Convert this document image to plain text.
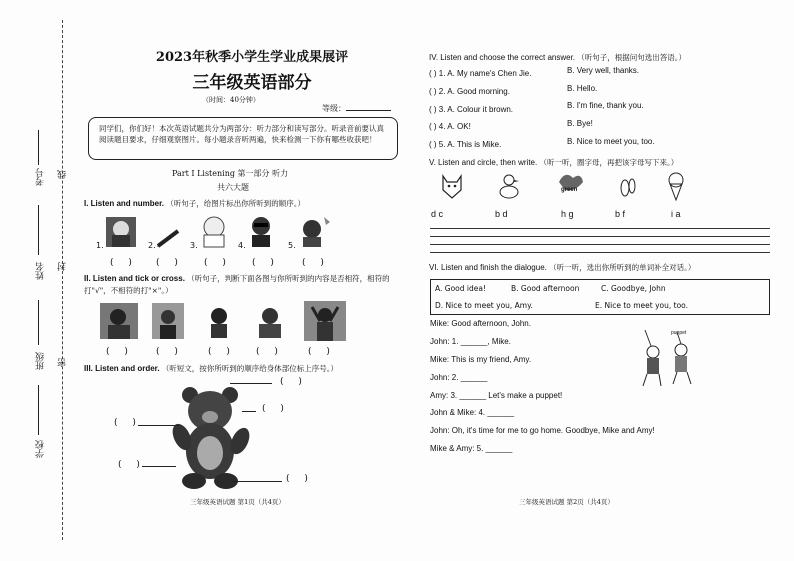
考号 线
姓名 封
班级 密
学校
2023年秋季小学生学业成果展评
三年级英语部分
（时间：40分钟）
等级：
同学们，你们好！本次英语试题共分为两部分：听力部分和读写部分。听录音前要认真阅读题目要求，仔细观察图片。每小题录音听两遍，快来检测一下你有哪些收获吧！
Part Ⅰ Listening 第一部分 听力
共六大题
I. Listen and number. （听句子，给图片标出你所听到的顺序。）
1.	2.	3.	4.	5.
( ) ( ) ( ) ( ) ( )
II. Listen and tick or cross. （听句子，判断下面各图与你所听到的内容是否相符，相符的打"√"，不相符的打"×"。）
( ) ( )	( ) ( )	( )
III. Listen and order. （听短文，按你所听到的顺序给身体部位标上序号。）
( )
( )
( )
( )
( )
三年级英语试题 第1页（共4页）
IV. Listen and choose the correct answer. （听句子，根据问句选出答语。）
( ) 1. A. My name's Chen Jie.	B. Very well, thanks.
( ) 2. A. Good morning.	B. Hello.
( ) 3. A. Colour it brown.	B. I'm fine, thank you.
( ) 4. A. OK!	B. Bye!
( ) 5. A. This is Mike.	B. Nice to meet you, too.
V. Listen and circle, then write. （听一听，圈字母，再把该字母写下来。）
green
d c	b d	h g	b f	i a
VI. Listen and finish the dialogue. （听一听，选出你所听到的单词补全对话。）
A. Good idea!	B. Good afternoon	C. Goodbye, John
D. Nice to meet you, Amy.	E. Nice to meet you, too.
Mike: Good afternoon, John.
John: 1. ______, Mike.
Mike: This is my friend, Amy.
John: 2. ______
Amy: 3. ______ Let's make a puppet!
John & Mike: 4. ______
John: Oh, it's time for me to go home. Goodbye, Mike and Amy!
Mike & Amy: 5. ______
puppet
三年级英语试题 第2页（共4页）
